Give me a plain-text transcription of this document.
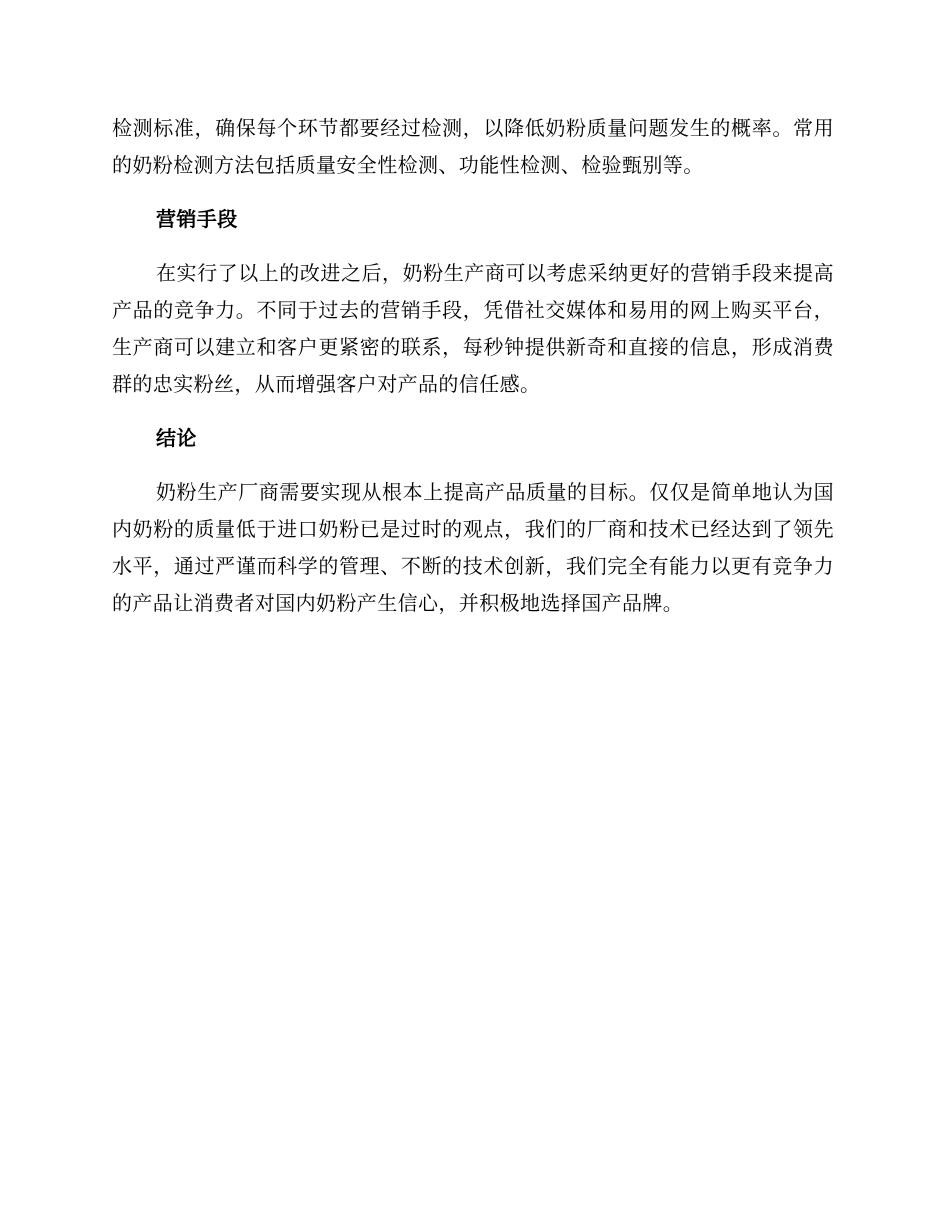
检测标准，确保每个环节都要经过检测，以降低奶粉质量问题发生的概率。常用的奶粉检测方法包括质量安全性检测、功能性检测、检验甄别等。

营销手段

在实行了以上的改进之后，奶粉生产商可以考虑采纳更好的营销手段来提高产品的竞争力。不同于过去的营销手段，凭借社交媒体和易用的网上购买平台，生产商可以建立和客户更紧密的联系，每秒钟提供新奇和直接的信息，形成消费群的忠实粉丝，从而增强客户对产品的信任感。

结论

奶粉生产厂商需要实现从根本上提高产品质量的目标。仅仅是简单地认为国内奶粉的质量低于进口奶粉已是过时的观点，我们的厂商和技术已经达到了领先水平，通过严谨而科学的管理、不断的技术创新，我们完全有能力以更有竞争力的产品让消费者对国内奶粉产生信心，并积极地选择国产品牌。
